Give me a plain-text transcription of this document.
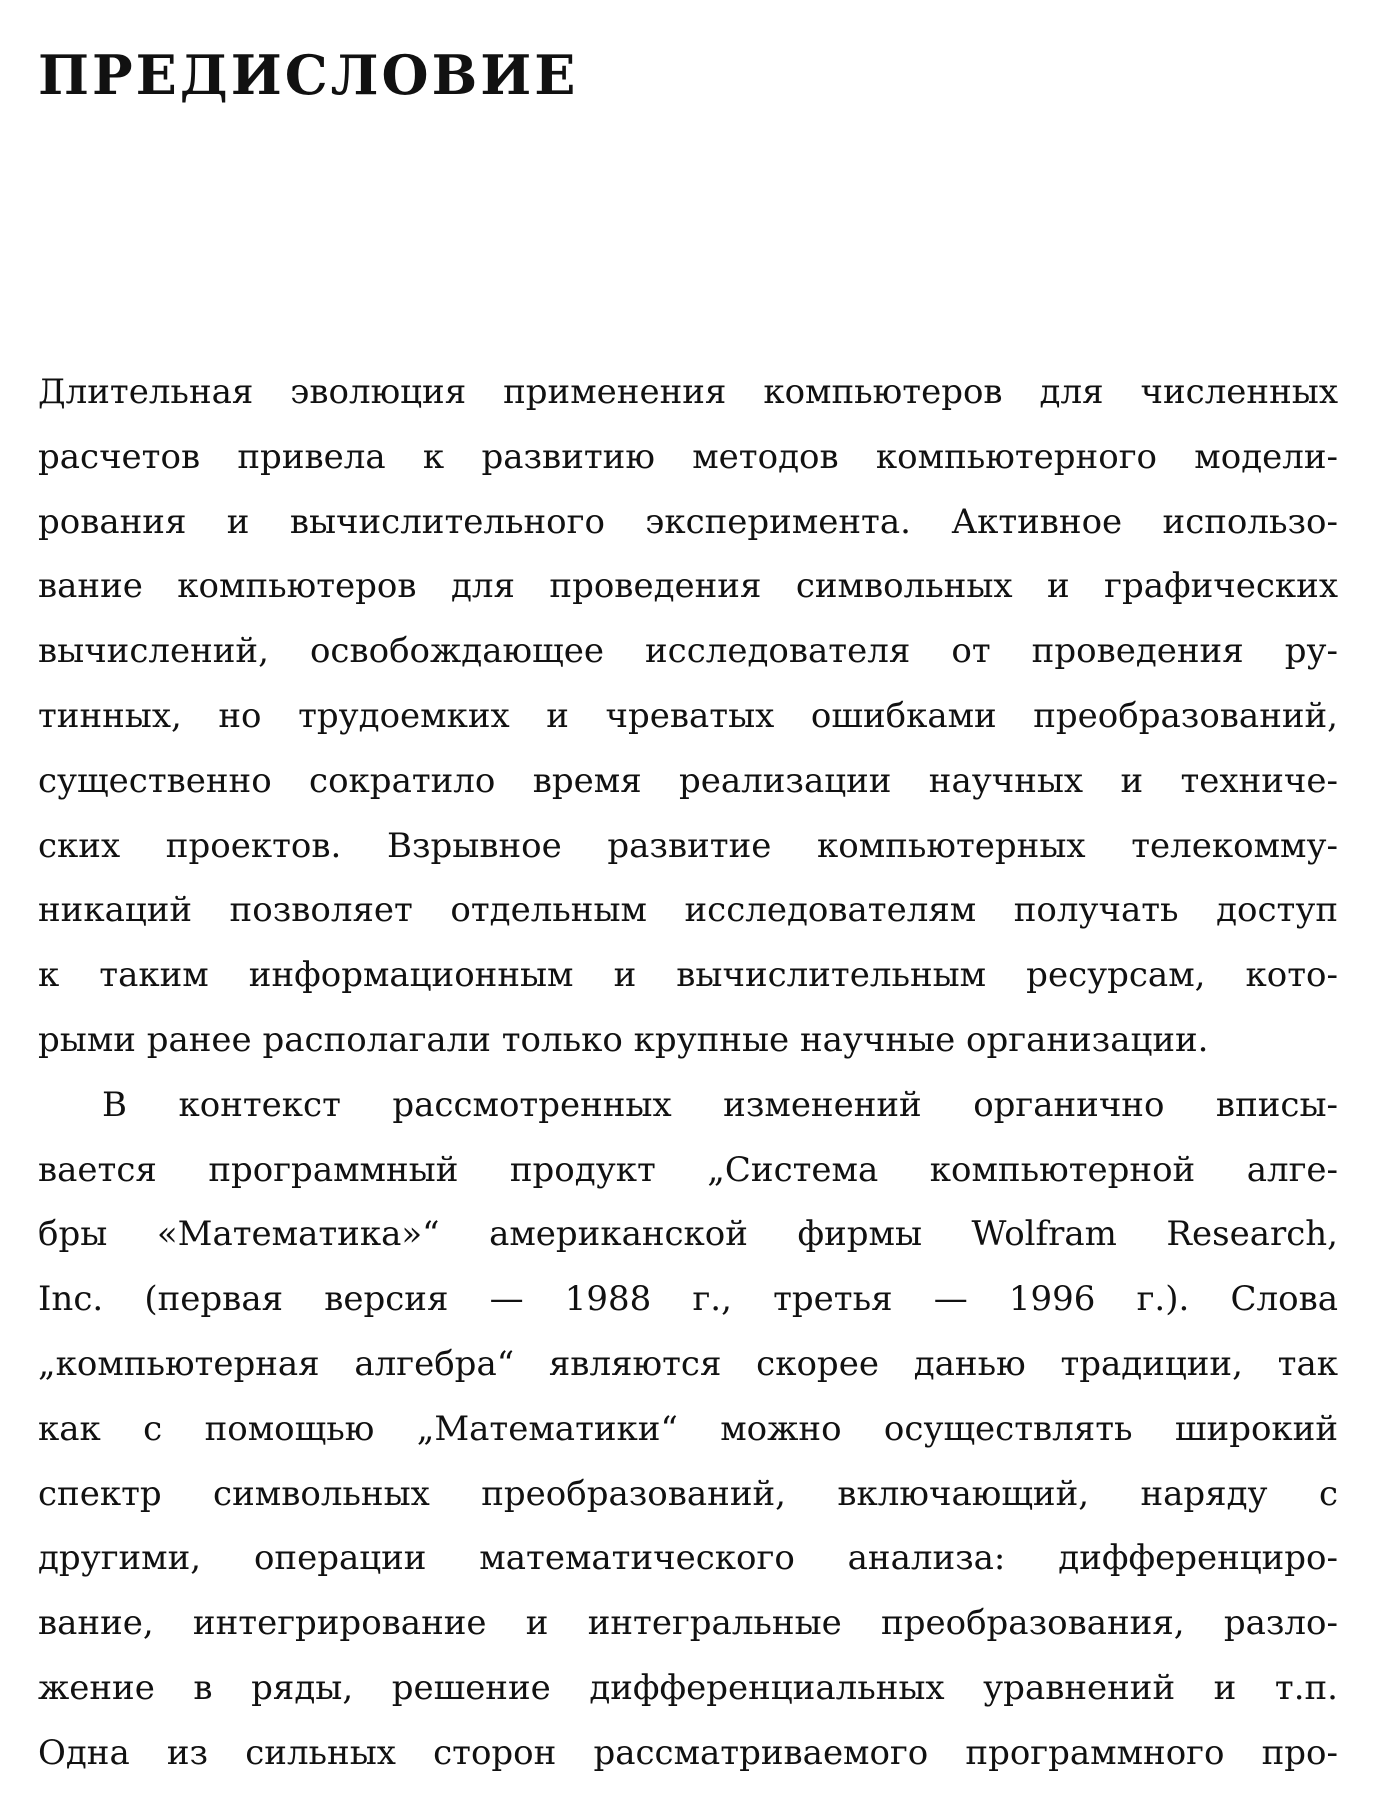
ПРЕДИСЛОВИЕ
Длительная эволюция применения компьютеров для численных
расчетов привела к развитию методов компьютерного модели-
рования и вычислительного эксперимента. Активное использо-
вание компьютеров для проведения символьных и графических
вычислений, освобождающее исследователя от проведения ру-
тинных, но трудоемких и чреватых ошибками преобразований,
существенно сократило время реализации научных и техниче-
ских проектов. Взрывное развитие компьютерных телекомму-
никаций позволяет отдельным исследователям получать доступ
к таким информационным и вычислительным ресурсам, кото-
рыми ранее располагали только крупные научные организации.
В контекст рассмотренных изменений органично вписы-
вается программный продукт „Система компьютерной алге-
бры «Математика»“ американской фирмы Wolfram Research,
Inc. (первая версия — 1988 г., третья — 1996 г.). Слова
„компьютерная алгебра“ являются скорее данью традиции, так
как с помощью „Математики“ можно осуществлять широкий
спектр символьных преобразований, включающий, наряду с
другими, операции математического анализа: дифференциро-
вание, интегрирование и интегральные преобразования, разло-
жение в ряды, решение дифференциальных уравнений и т.п.
Одна из сильных сторон рассматриваемого программного про-
